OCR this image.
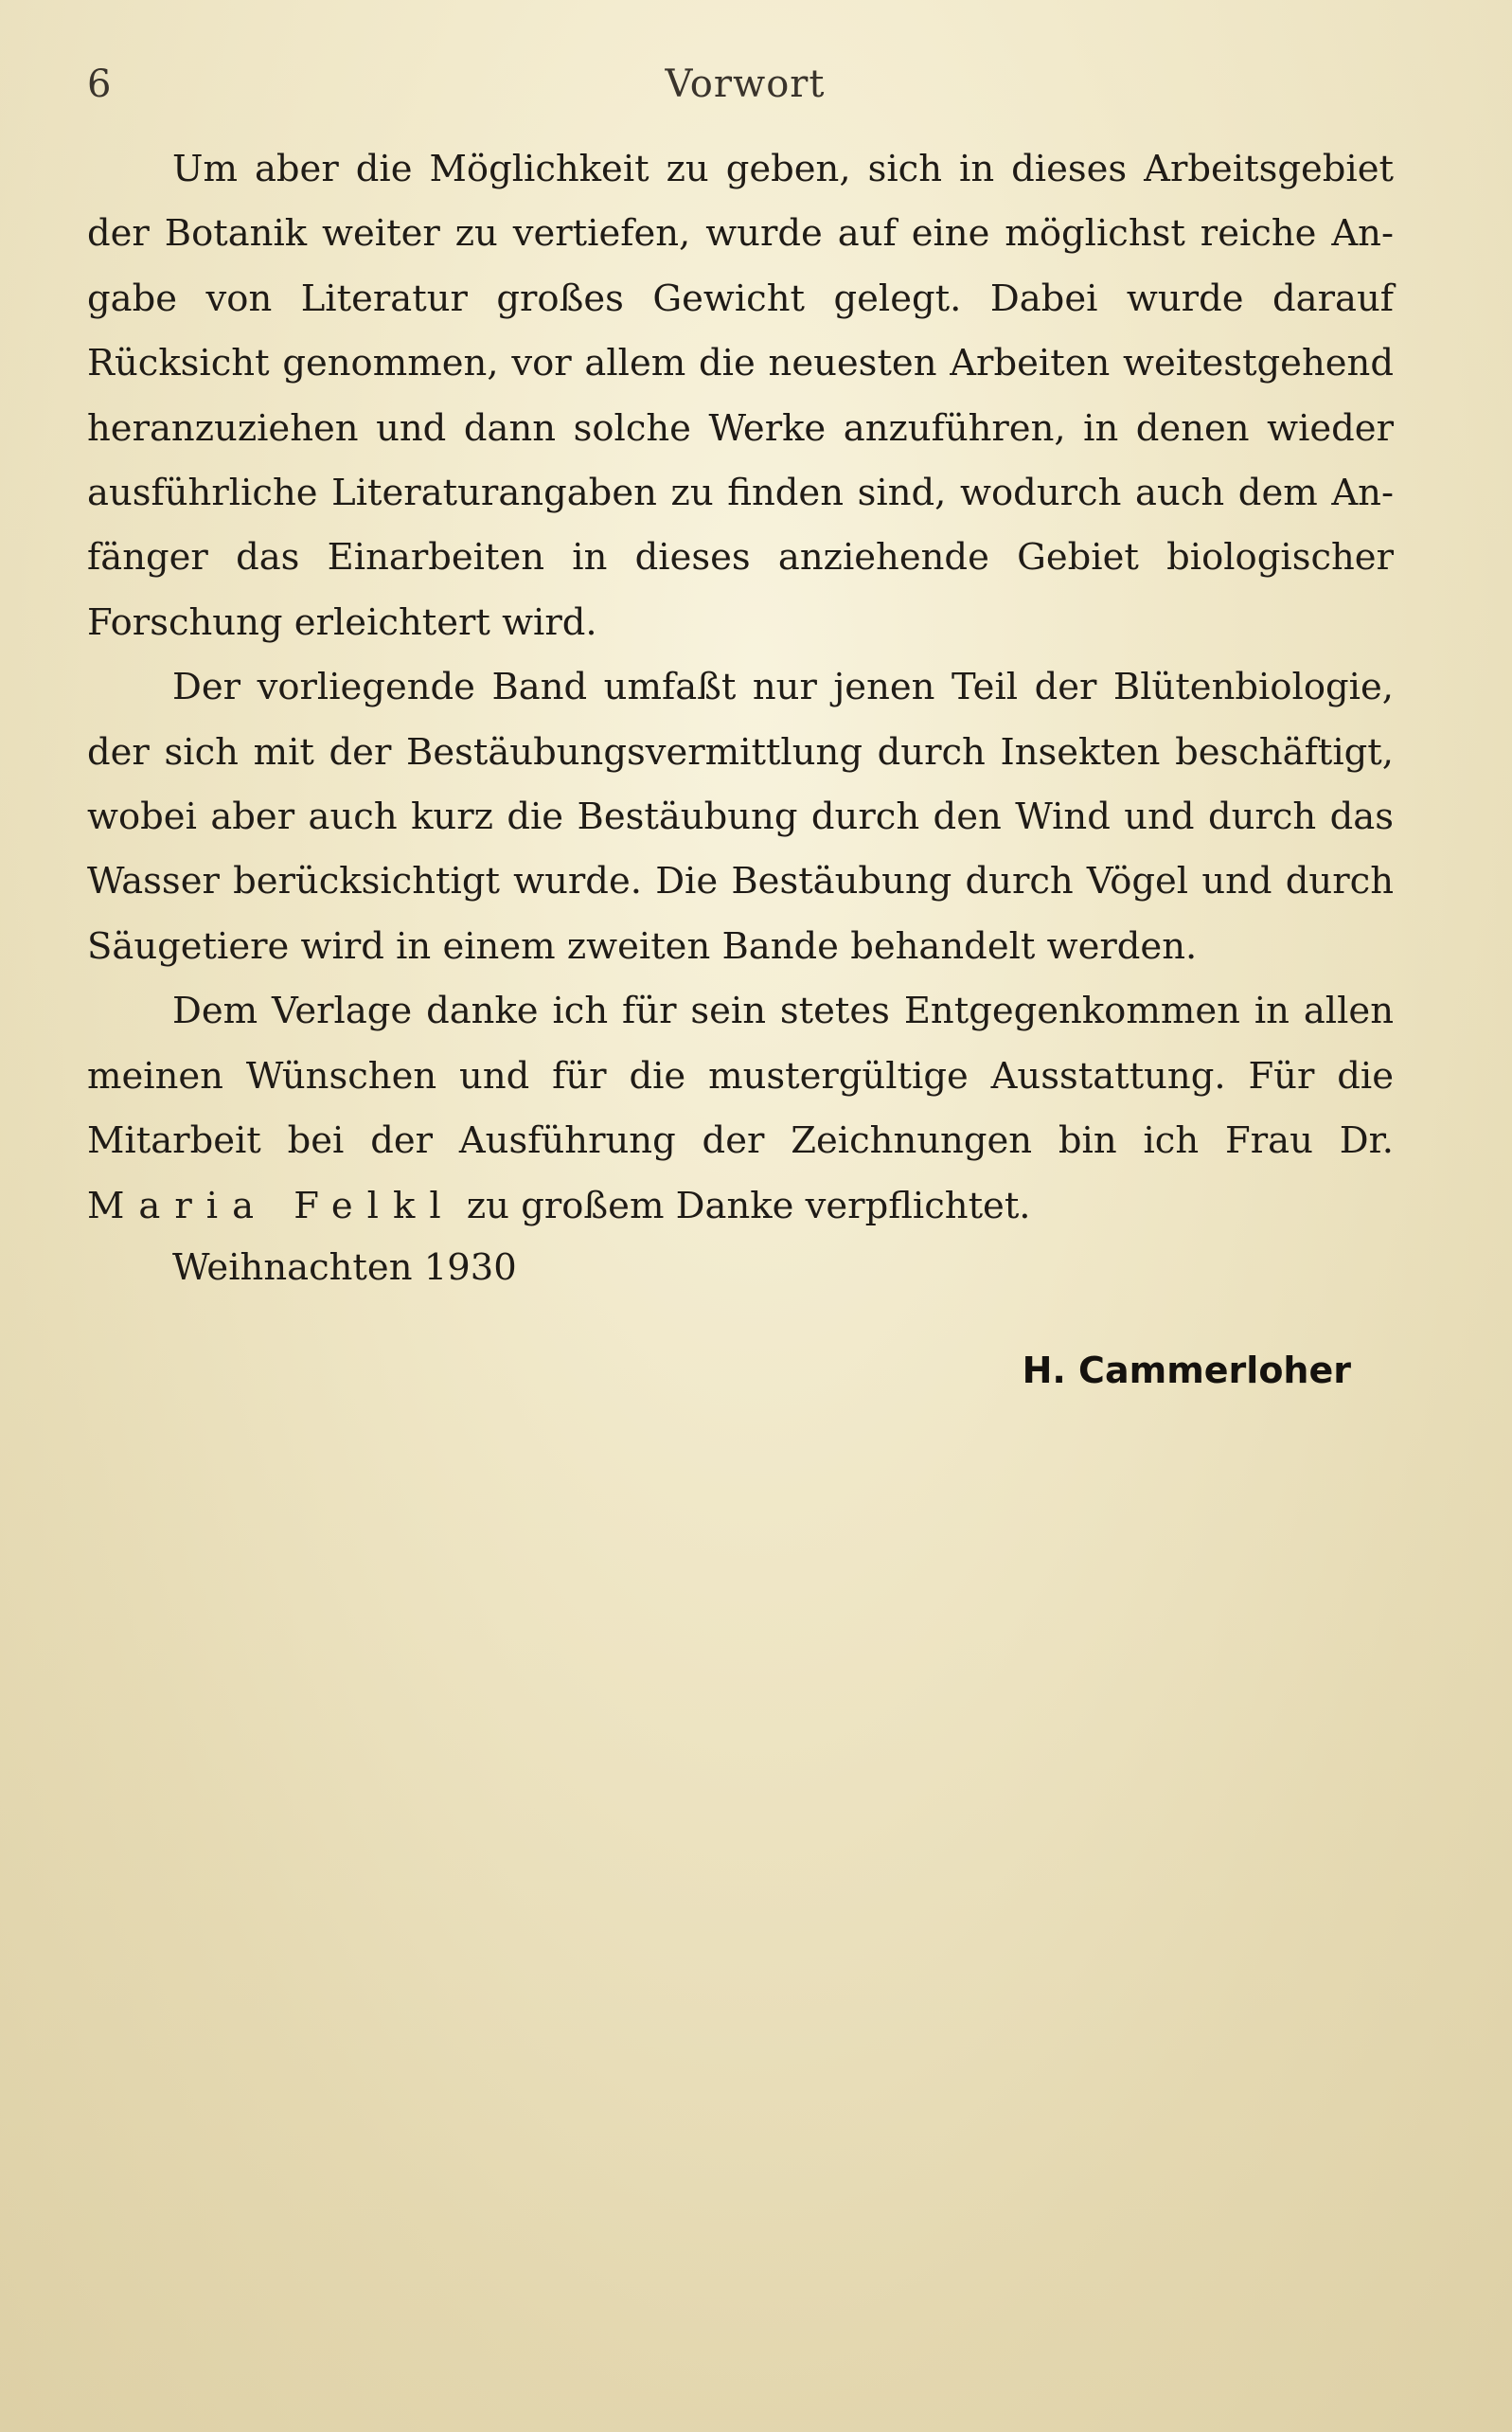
6	Vorwort

Um aber die Möglichkeit zu geben, sich in dieses Arbeitsgebiet der Botanik weiter zu vertiefen, wurde auf eine möglichst reiche Angabe von Literatur großes Gewicht gelegt. Dabei wurde darauf Rücksicht genommen, vor allem die neuesten Arbeiten weitestgehend heranzuziehen und dann solche Werke anzuführen, in denen wieder ausführliche Literaturangaben zu finden sind, wodurch auch dem Anfänger das Einarbeiten in dieses anziehende Gebiet biologischer Forschung erleichtert wird.

Der vorliegende Band umfaßt nur jenen Teil der Blütenbiologie, der sich mit der Bestäubungsvermittlung durch Insekten beschäftigt, wobei aber auch kurz die Bestäubung durch den Wind und durch das Wasser berücksichtigt wurde. Die Bestäubung durch Vögel und durch Säugetiere wird in einem zweiten Bande behandelt werden.

Dem Verlage danke ich für sein stetes Entgegenkommen in allen meinen Wünschen und für die mustergültige Ausstattung. Für die Mitarbeit bei der Ausführung der Zeichnungen bin ich Frau Dr. Maria Felkl zu großem Danke verpflichtet.

Weihnachten 1930
H. Cammerloher
